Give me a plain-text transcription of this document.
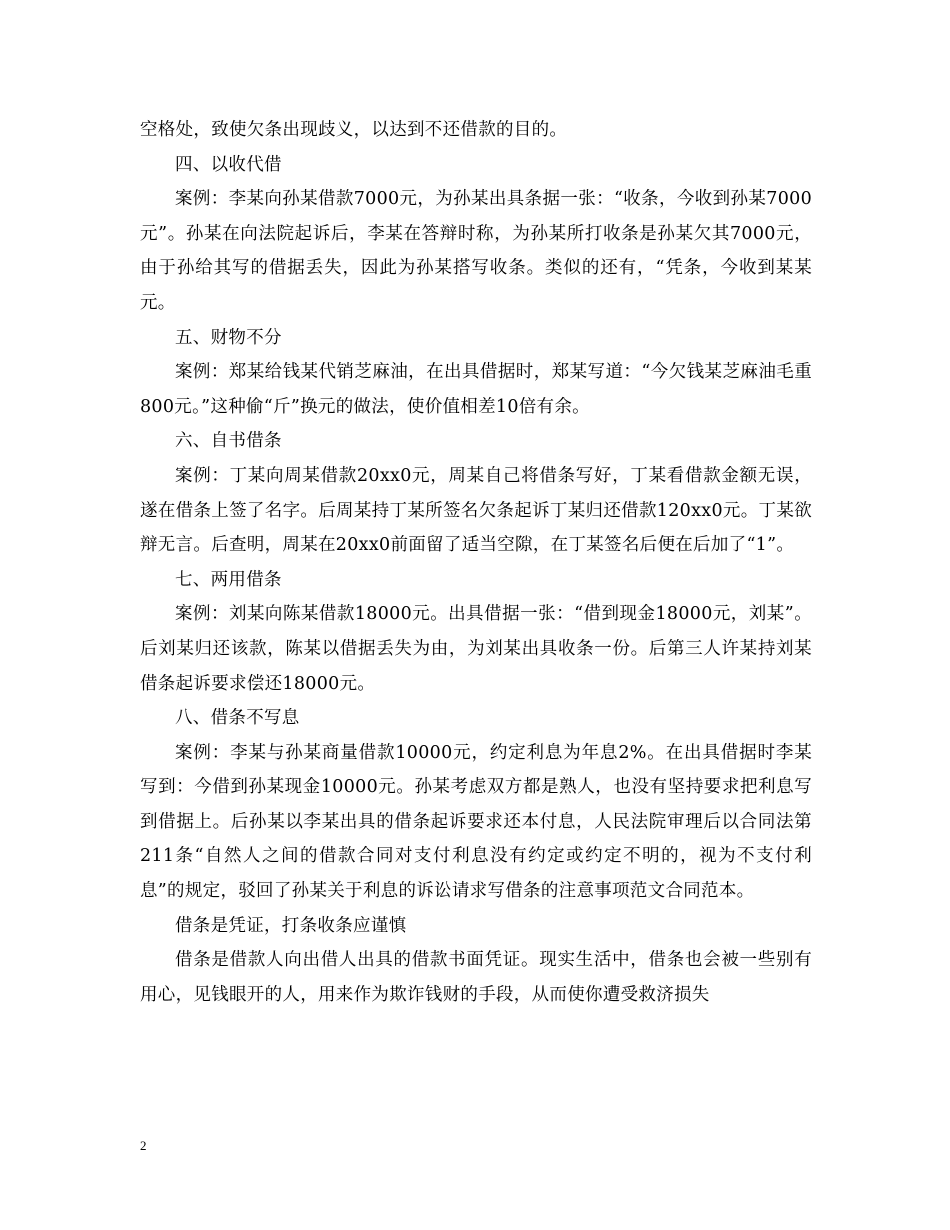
空格处，致使欠条出现歧义，以达到不还借款的目的。

四、以收代借

案例：李某向孙某借款7000元，为孙某出具条据一张：“收条，今收到孙某7000元”。孙某在向法院起诉后，李某在答辩时称，为孙某所打收条是孙某欠其7000元，由于孙给其写的借据丢失，因此为孙某搭写收条。类似的还有，“凭条，今收到某某元。

五、财物不分

案例：郑某给钱某代销芝麻油，在出具借据时，郑某写道：“今欠钱某芝麻油毛重800元。”这种偷“斤”换元的做法，使价值相差10倍有余。

六、自书借条

案例：丁某向周某借款20xx0元，周某自己将借条写好，丁某看借款金额无误，遂在借条上签了名字。后周某持丁某所签名欠条起诉丁某归还借款120xx0元。丁某欲辩无言。后查明，周某在20xx0前面留了适当空隙，在丁某签名后便在后加了“1”。

七、两用借条

案例：刘某向陈某借款18000元。出具借据一张：“借到现金18000元，刘某”。后刘某归还该款，陈某以借据丢失为由，为刘某出具收条一份。后第三人许某持刘某借条起诉要求偿还18000元。

八、借条不写息

案例：李某与孙某商量借款10000元，约定利息为年息2%。在出具借据时李某写到：今借到孙某现金10000元。孙某考虑双方都是熟人，也没有坚持要求把利息写到借据上。后孙某以李某出具的借条起诉要求还本付息，人民法院审理后以合同法第211条“自然人之间的借款合同对支付利息没有约定或约定不明的，视为不支付利息”的规定，驳回了孙某关于利息的诉讼请求写借条的注意事项范文合同范本。

借条是凭证，打条收条应谨慎

借条是借款人向出借人出具的借款书面凭证。现实生活中，借条也会被一些别有用心，见钱眼开的人，用来作为欺诈钱财的手段，从而使你遭受救济损失

2
